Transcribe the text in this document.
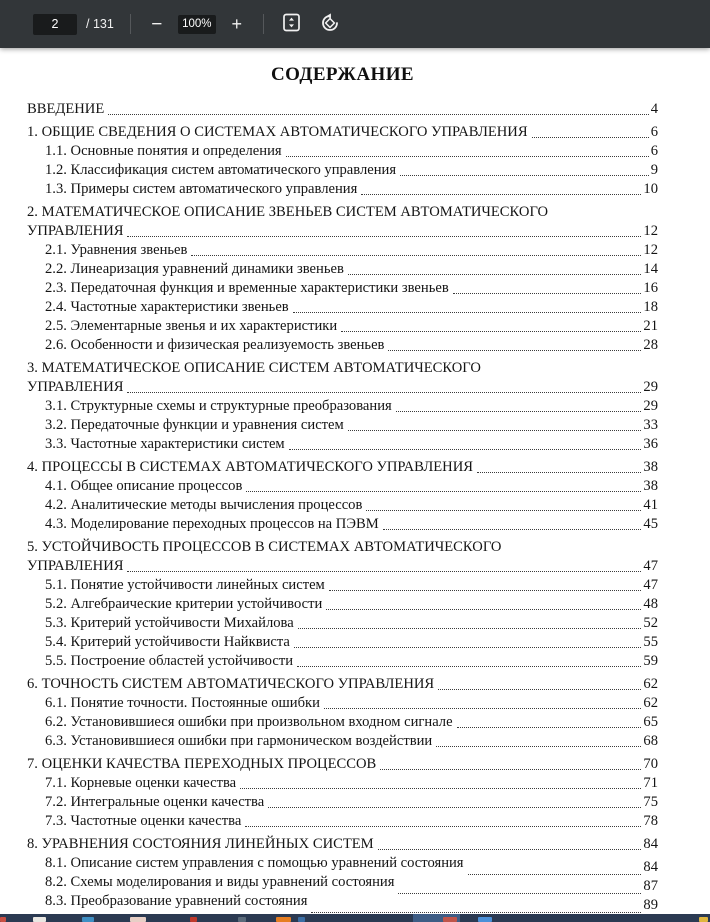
2
/ 131 −	100% +
СОДЕРЖАНИЕ
ВВЕДЕНИЕ	4
1. ОБЩИЕ СВЕДЕНИЯ О СИСТЕМАХ АВТОМАТИЧЕСКОГО УПРАВЛЕНИЯ	6
1.1. Основные понятия и определения	6
1.2. Классификация систем автоматического управления	9
1.3. Примеры систем автоматического управления	10
2. МАТЕМАТИЧЕСКОЕ ОПИСАНИЕ ЗВЕНЬЕВ СИСТЕМ АВТОМАТИЧЕСКОГО
УПРАВЛЕНИЯ	12
2.1. Уравнения звеньев	12
2.2. Линеаризация уравнений динамики звеньев	14
2.3. Передаточная функция и временные характеристики звеньев	16
2.4. Частотные характеристики звеньев	18
2.5. Элементарные звенья и их характеристики	21
2.6. Особенности и физическая реализуемость звеньев	28
3. МАТЕМАТИЧЕСКОЕ ОПИСАНИЕ СИСТЕМ АВТОМАТИЧЕСКОГО
УПРАВЛЕНИЯ	29
3.1. Структурные схемы и структурные преобразования	29
3.2. Передаточные функции и уравнения систем	33
3.3. Частотные характеристики систем	36
4. ПРОЦЕССЫ В СИСТЕМАХ АВТОМАТИЧЕСКОГО УПРАВЛЕНИЯ	38
4.1. Общее описание процессов	38
4.2. Аналитические методы вычисления процессов	41
4.3. Моделирование переходных процессов на ПЭВМ	45
5. УСТОЙЧИВОСТЬ ПРОЦЕССОВ В СИСТЕМАХ АВТОМАТИЧЕСКОГО
УПРАВЛЕНИЯ	47
5.1. Понятие устойчивости линейных систем	47
5.2. Алгебраические критерии устойчивости	48
5.3. Критерий устойчивости Михайлова	52
5.4. Критерий устойчивости Найквиста	55
5.5. Построение областей устойчивости	59
6. ТОЧНОСТЬ СИСТЕМ АВТОМАТИЧЕСКОГО УПРАВЛЕНИЯ	62
6.1. Понятие точности. Постоянные ошибки	62
6.2. Установившиеся ошибки при произвольном входном сигнале	65
6.3. Установившиеся ошибки при гармоническом воздействии	68
7. ОЦЕНКИ КАЧЕСТВА ПЕРЕХОДНЫХ ПРОЦЕССОВ	70
7.1. Корневые оценки качества	71
7.2. Интегральные оценки качества	75
7.3. Частотные оценки качества	78
8. УРАВНЕНИЯ СОСТОЯНИЯ ЛИНЕЙНЫХ СИСТЕМ	84
8.1. Описание систем управления с помощью уравнений состояния	84
8.2. Схемы моделирования и виды уравнений состояния	87
8.3. Преобразование уравнений состояния	89
